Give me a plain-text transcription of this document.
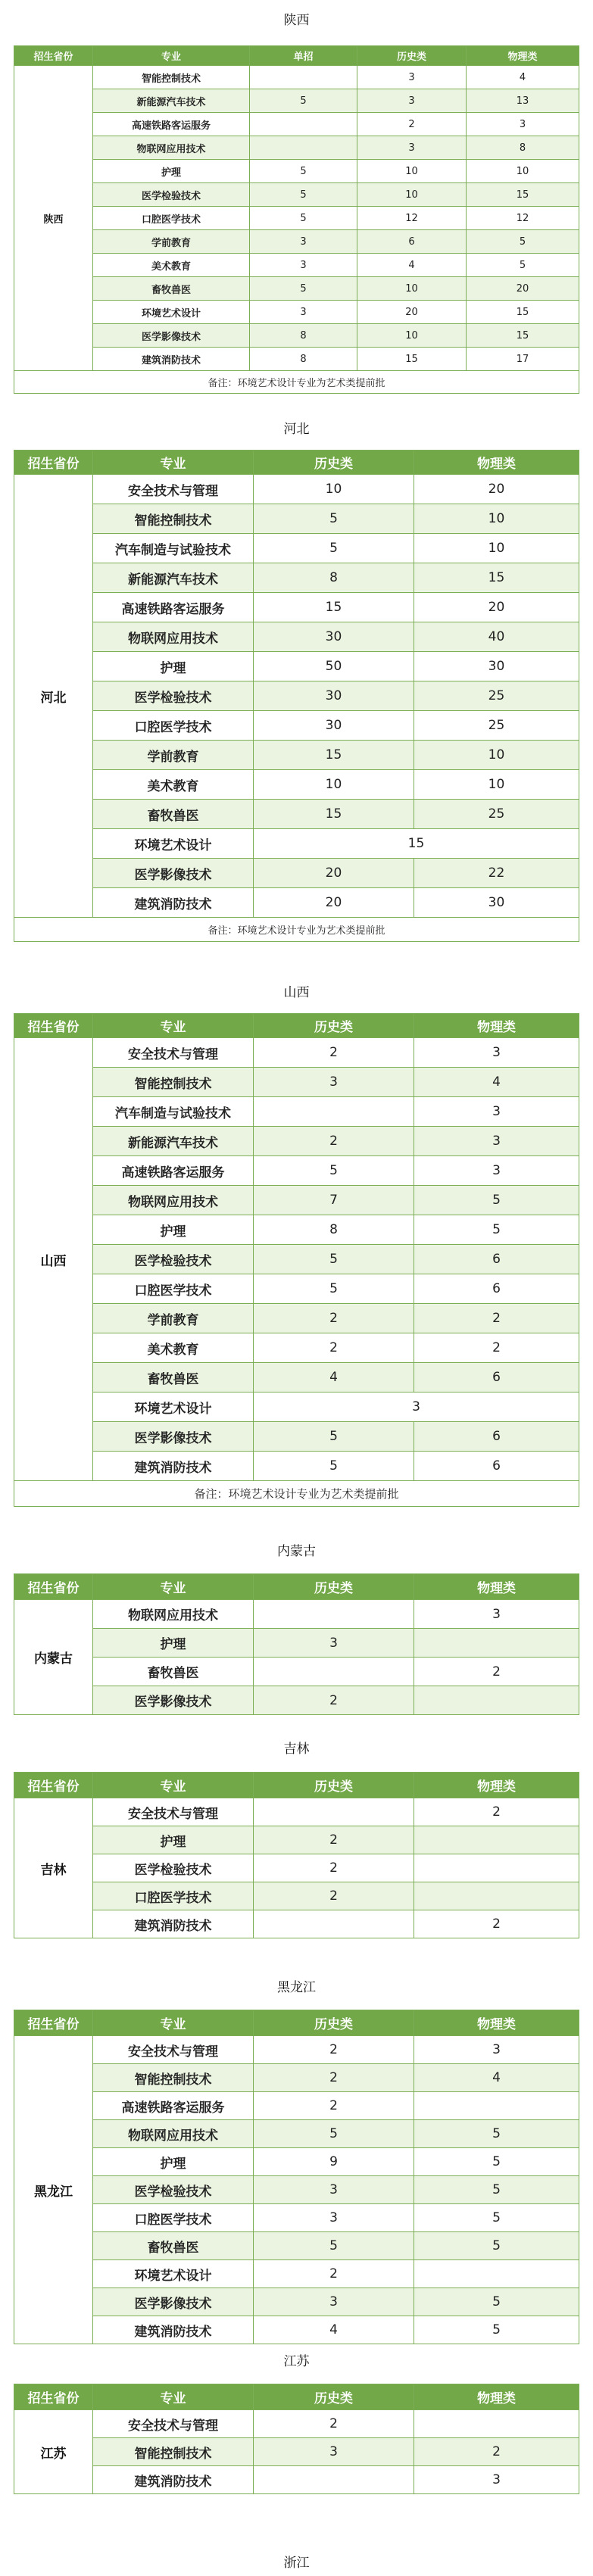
陕西
河北
山西
内蒙古
吉林
黑龙江
江苏
浙江
招生省份	专业	单招	历史类	物理类
陕西	智能控制技术		3	4
	新能源汽车技术	5	3	13
	高速铁路客运服务		2	3
	物联网应用技术		3	8
	护理	5	10	10
	医学检验技术	5	10	15
	口腔医学技术	5	12	12
	学前教育	3	6	5
	美术教育	3	4	5
	畜牧兽医	5	10	20
	环境艺术设计	3	20	15
	医学影像技术	8	10	15
	建筑消防技术	8	15	17
备注：环境艺术设计专业为艺术类提前批				
招生省份	专业	历史类	物理类
河北	安全技术与管理	10	20
	智能控制技术	5	10
	汽车制造与试验技术	5	10
	新能源汽车技术	8	15
	高速铁路客运服务	15	20
	物联网应用技术	30	40
	护理	50	30
	医学检验技术	30	25
	口腔医学技术	30	25
	学前教育	15	10
	美术教育	10	10
	畜牧兽医	15	25
	环境艺术设计	15	
	医学影像技术	20	22
	建筑消防技术	20	30
备注：环境艺术设计专业为艺术类提前批			
招生省份	专业	历史类	物理类
山西	安全技术与管理	2	3
	智能控制技术	3	4
	汽车制造与试验技术		3
	新能源汽车技术	2	3
	高速铁路客运服务	5	3
	物联网应用技术	7	5
	护理	8	5
	医学检验技术	5	6
	口腔医学技术	5	6
	学前教育	2	2
	美术教育	2	2
	畜牧兽医	4	6
	环境艺术设计	3	
	医学影像技术	5	6
	建筑消防技术	5	6
备注：环境艺术设计专业为艺术类提前批			
招生省份	专业	历史类	物理类
内蒙古	物联网应用技术		3
	护理	3	
	畜牧兽医		2
	医学影像技术	2	
招生省份	专业	历史类	物理类
吉林	安全技术与管理		2
	护理	2	
	医学检验技术	2	
	口腔医学技术	2	
	建筑消防技术		2
招生省份	专业	历史类	物理类
黑龙江	安全技术与管理	2	3
	智能控制技术	2	4
	高速铁路客运服务	2	
	物联网应用技术	5	5
	护理	9	5
	医学检验技术	3	5
	口腔医学技术	3	5
	畜牧兽医	5	5
	环境艺术设计	2	
	医学影像技术	3	5
	建筑消防技术	4	5
招生省份	专业	历史类	物理类
江苏	安全技术与管理	2	
	智能控制技术	3	2
	建筑消防技术		3
